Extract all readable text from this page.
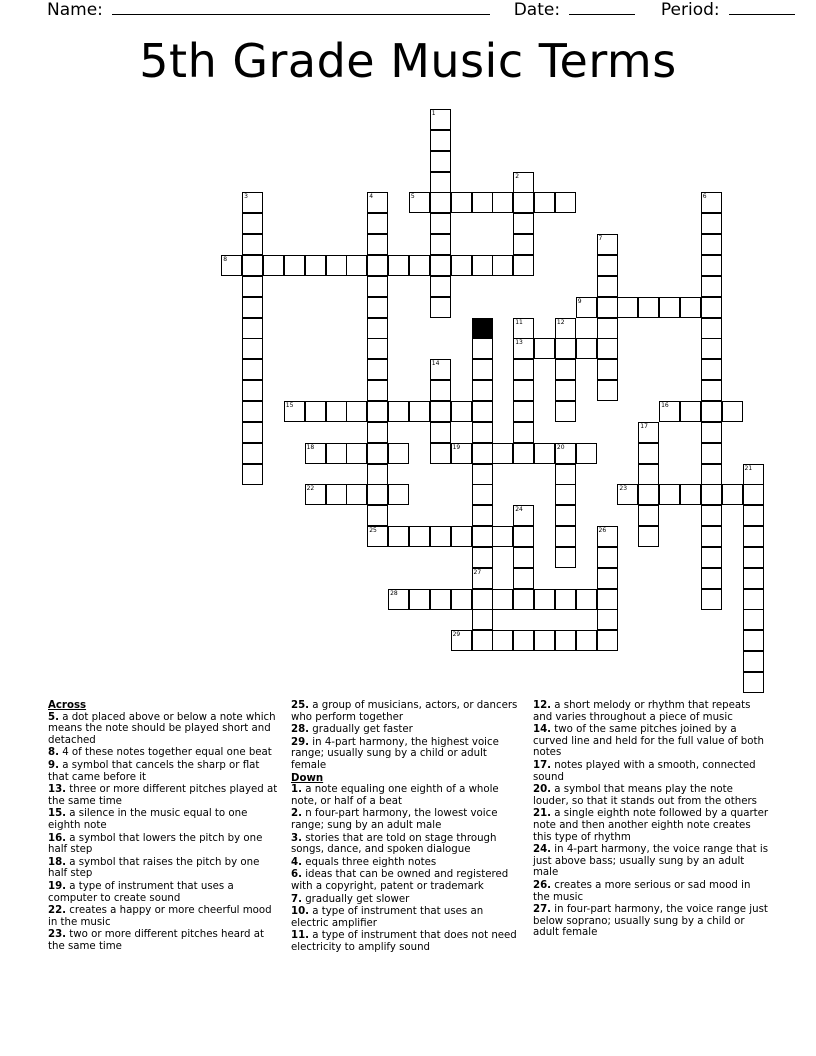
Name:	Date:	Period:
5th Grade Music Terms
5
8
9
13
15	16
18	19	20
22	23
25
28
29
1
2
3	4	6
7
10
27
11	12
14
17
21
24
26
Across

5. a dot placed above or below a note which means the note should be played short and detached

8. 4 of these notes together equal one beat

9. a symbol that cancels the sharp or flat that came before it

13. three or more different pitches played at the same time

15. a silence in the music equal to one eighth note

16. a symbol that lowers the pitch by one half step

18. a symbol that raises the pitch by one half step

19. a type of instrument that uses a computer to create sound

22. creates a happy or more cheerful mood in the music

23. two or more different pitches heard at the same time

25. a group of musicians, actors, or dancers who perform together

28. gradually get faster

29. in 4-part harmony, the highest voice range; usually sung by a child or adult female

Down

1. a note equaling one eighth of a whole note, or half of a beat

2. n four-part harmony, the lowest voice range; sung by an adult male

3. stories that are told on stage through songs, dance, and spoken dialogue

4. equals three eighth notes

6. ideas that can be owned and registered with a copyright, patent or trademark

7. gradually get slower

10. a type of instrument that uses an electric amplifier

11. a type of instrument that does not need electricity to amplify sound

12. a short melody or rhythm that repeats and varies throughout a piece of music

14. two of the same pitches joined by a curved line and held for the full value of both notes

17. notes played with a smooth, connected sound

20. a symbol that means play the note louder, so that it stands out from the others

21. a single eighth note followed by a quarter note and then another eighth note creates this type of rhythm

24. in 4-part harmony, the voice range that is just above bass; usually sung by an adult male

26. creates a more serious or sad mood in the music

27. in four-part harmony, the voice range just below soprano; usually sung by a child or adult female
